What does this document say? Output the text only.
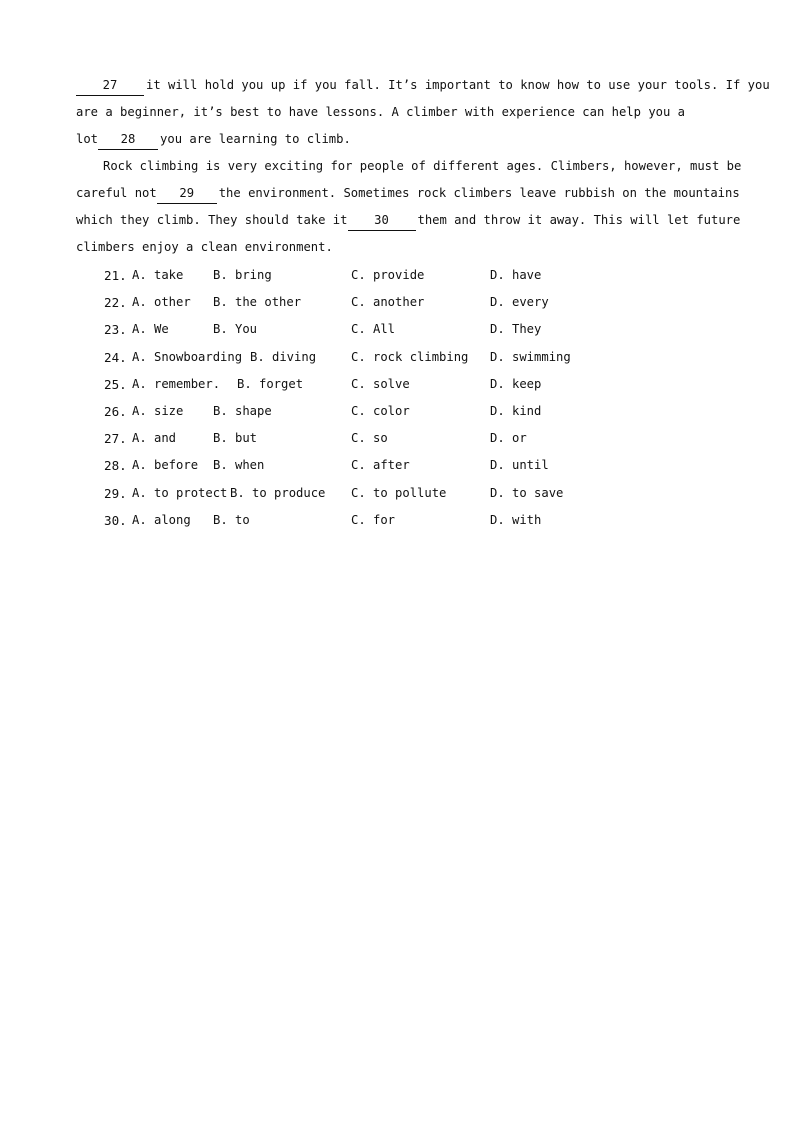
27 it will hold you up if you fall. It’s important to know how to use your tools. If you
are a beginner, it’s best to have lessons. A climber with experience can help you a
lot 28 you are learning to climb.
Rock climbing is very exciting for people of different ages. Climbers, however, must be
careful not 29 the environment. Sometimes rock climbers leave rubbish on the mountains
which they climb. They should take it 30 them and throw it away. This will let future
climbers enjoy a clean environment.
21. A. take B. bring	C. provide	D. have
22. A. other B. the other	C. another	D. every
23. A. We	B. You	C. All	D. They
24. A. Snowboarding B. diving	C. rock climbing D. swimming
25. A. remember. B. forget	C. solve	D. keep
26. A. size B. shape	C. color	D. kind
27. A. and	B. but	C. so	D. or
28. A. before B. when	C. after	D. until
29. A. to protect B. to produce C. to pollute	D. to save
30. A. along B. to	C. for	D. with
